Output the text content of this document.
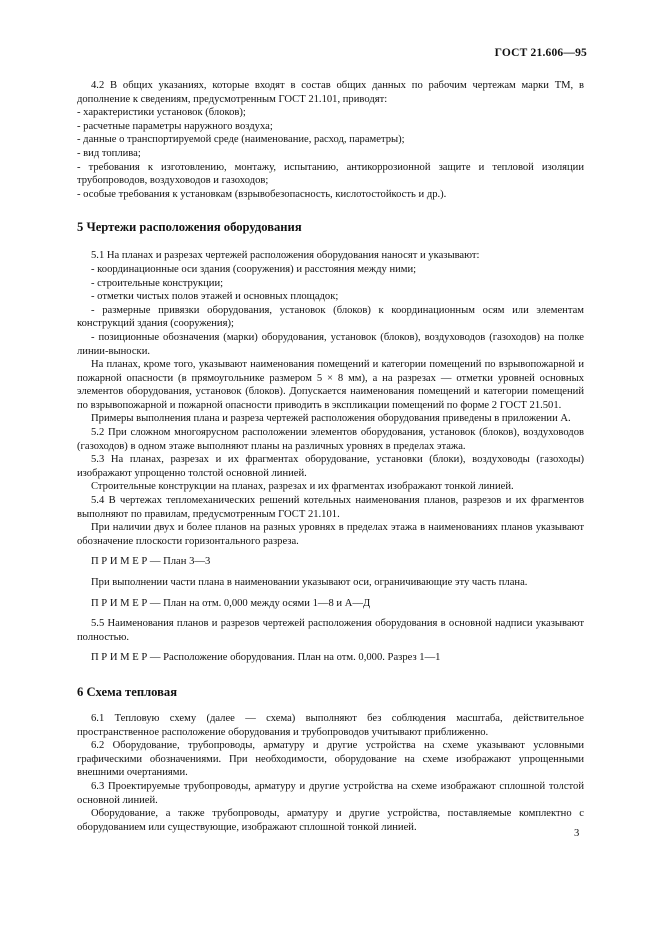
ГОСТ 21.606—95

4.2 В общих указаниях, которые входят в состав общих данных по рабочим чертежам марки ТМ, в дополнение к сведениям, предусмотренным ГОСТ 21.101, приводят:

- характеристики установок (блоков);

- расчетные параметры наружного воздуха;

- данные о транспортируемой среде (наименование, расход, параметры);

- вид топлива;

- требования к изготовлению, монтажу, испытанию, антикоррозионной защите и тепловой изоляции трубопроводов, воздуховодов и газоходов;

- особые требования к установкам (взрывобезопасность, кислотостойкость и др.).

5 Чертежи расположения оборудования

5.1 На планах и разрезах чертежей расположения оборудования наносят и указывают:

- координационные оси здания (сооружения) и расстояния между ними;

- строительные конструкции;

- отметки чистых полов этажей и основных площадок;

- размерные привязки оборудования, установок (блоков) к координационным осям или элементам конструкций здания (сооружения);

- позиционные обозначения (марки) оборудования, установок (блоков), воздуховодов (газоходов) на полке линии-выноски.

На планах, кроме того, указывают наименования помещений и категории помещений по взрывопожарной и пожарной опасности (в прямоугольнике размером 5 × 8 мм), а на разрезах — отметки уровней основных элементов оборудования, установок (блоков). Допускается наименования помещений и категории помещений по взрывопожарной и пожарной опасности приводить в экспликации помещений по форме 2 ГОСТ 21.501.

Примеры выполнения плана и разреза чертежей расположения оборудования приведены в приложении А.

5.2 При сложном многоярусном расположении элементов оборудования, установок (блоков), воздуховодов (газоходов) в одном этаже выполняют планы на различных уровнях в пределах этажа.

5.3 На планах, разрезах и их фрагментах оборудование, установки (блоки), воздуховоды (газоходы) изображают упрощенно толстой основной линией.

Строительные конструкции на планах, разрезах и их фрагментах изображают тонкой линией.

5.4 В чертежах тепломеханических решений котельных наименования планов, разрезов и их фрагментов выполняют по правилам, предусмотренным ГОСТ 21.101.

При наличии двух и более планов на разных уровнях в пределах этажа в наименованиях планов указывают обозначение плоскости горизонтального разреза.

П Р И М Е Р — План 3—3

При выполнении части плана в наименовании указывают оси, ограничивающие эту часть плана.

П Р И М Е Р — План на отм. 0,000 между осями 1—8 и А—Д

5.5 Наименования планов и разрезов чертежей расположения оборудования в основной надписи указывают полностью.

П Р И М Е Р — Расположение оборудования. План на отм. 0,000. Разрез 1—1

6 Схема тепловая

6.1 Тепловую схему (далее — схема) выполняют без соблюдения масштаба, действительное пространственное расположение оборудования и трубопроводов учитывают приближенно.

6.2 Оборудование, трубопроводы, арматуру и другие устройства на схеме указывают условными графическими обозначениями. При необходимости, оборудование на схеме изображают упрощенными внешними очертаниями.

6.3 Проектируемые трубопроводы, арматуру и другие устройства на схеме изображают сплошной толстой основной линией.

Оборудование, а также трубопроводы, арматуру и другие устройства, поставляемые комплектно с оборудованием или существующие, изображают сплошной тонкой линией.

3
